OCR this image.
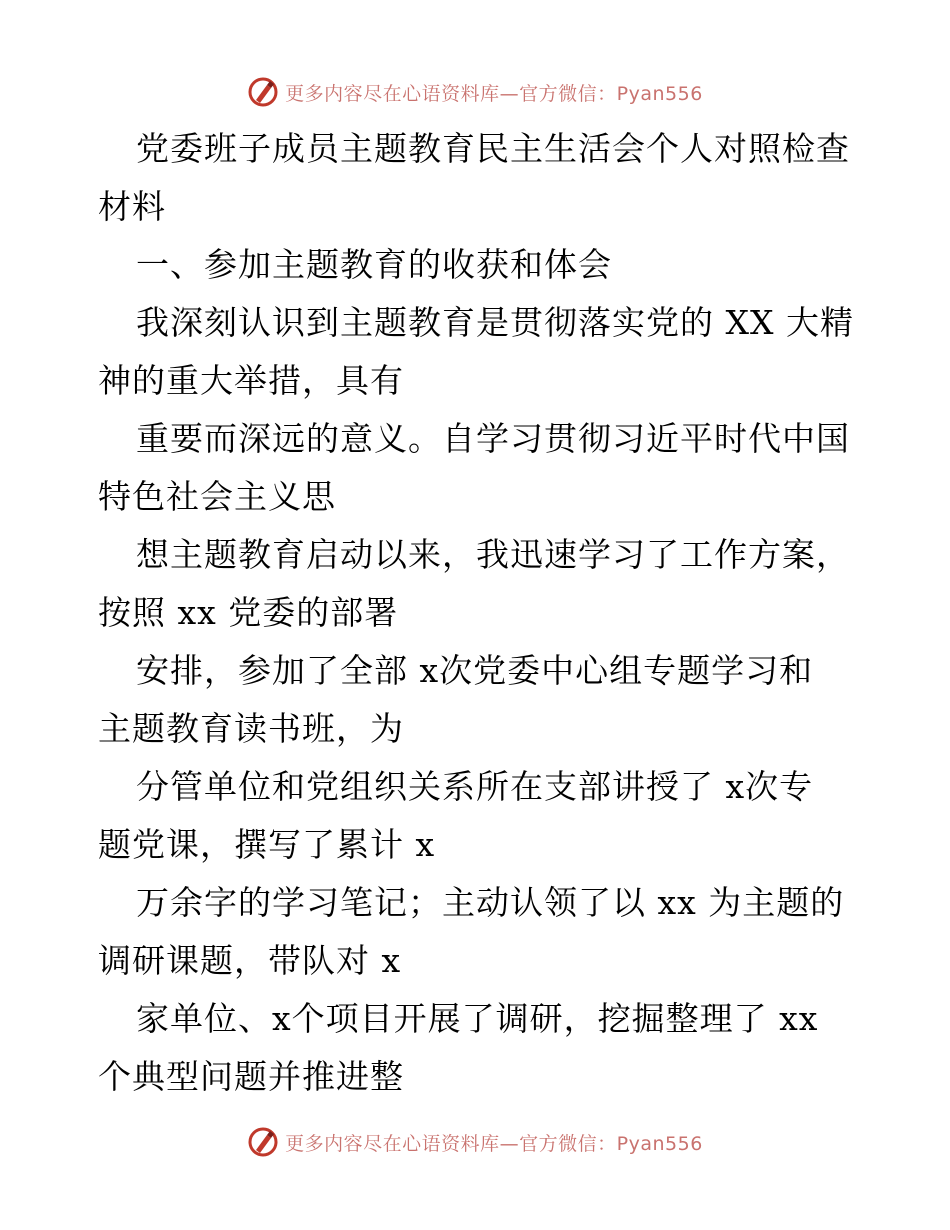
更多内容尽在心语资料库—官方微信：Pyan556
党委班子成员主题教育民主生活会个人对照检查
材料
一、参加主题教育的收获和体会
我深刻认识到主题教育是贯彻落实党的 XX 大精
神的重大举措，具有
重要而深远的意义。自学习贯彻习近平时代中国
特色社会主义思
想主题教育启动以来，我迅速学习了工作方案，
按照 xx 党委的部署
安排，参加了全部 x次党委中心组专题学习和
主题教育读书班，为
分管单位和党组织关系所在支部讲授了 x次专
题党课，撰写了累计 x
万余字的学习笔记；主动认领了以 xx 为主题的
调研课题，带队对 x
家单位、x个项目开展了调研，挖掘整理了 xx
个典型问题并推进整
更多内容尽在心语资料库—官方微信：Pyan556
